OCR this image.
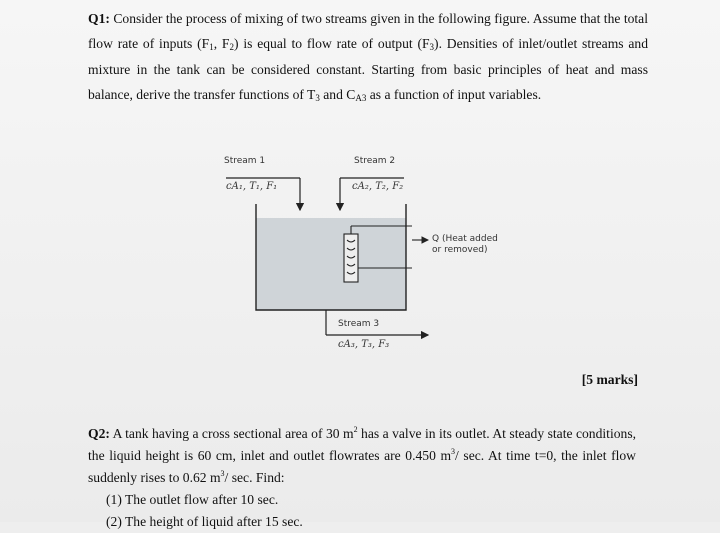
Q1: Consider the process of mixing of two streams given in the following figure. Assume that the total flow rate of inputs ($F_1$, $F_2$) is equal to flow rate of output $(F_3)$. Densities of inlet/outlet streams and mixture in the tank can be considered constant. Starting from basic principles of heat and mass balance, derive the transfer functions of $T_3$ and $C_{A3}$ as a function of input variables.
Stream 1
cA₁, T₁, F₁
Stream 2
cA₂, T₂, F₂
Q (Heat added
or removed)
Stream 3
cA₃, T₃, F₃
[5 marks]
Q2: A tank having a cross sectional area of 30 $m^2$ has a valve in its outlet. At steady state conditions, the liquid height is 60 cm, inlet and outlet flowrates are 0.450 $m^3/$ sec. At time t=0, the inlet flow suddenly rises to 0.62 $m^3/$ sec. Find:
(1) The outlet flow after 10 sec.
(2) The height of liquid after 15 sec.
